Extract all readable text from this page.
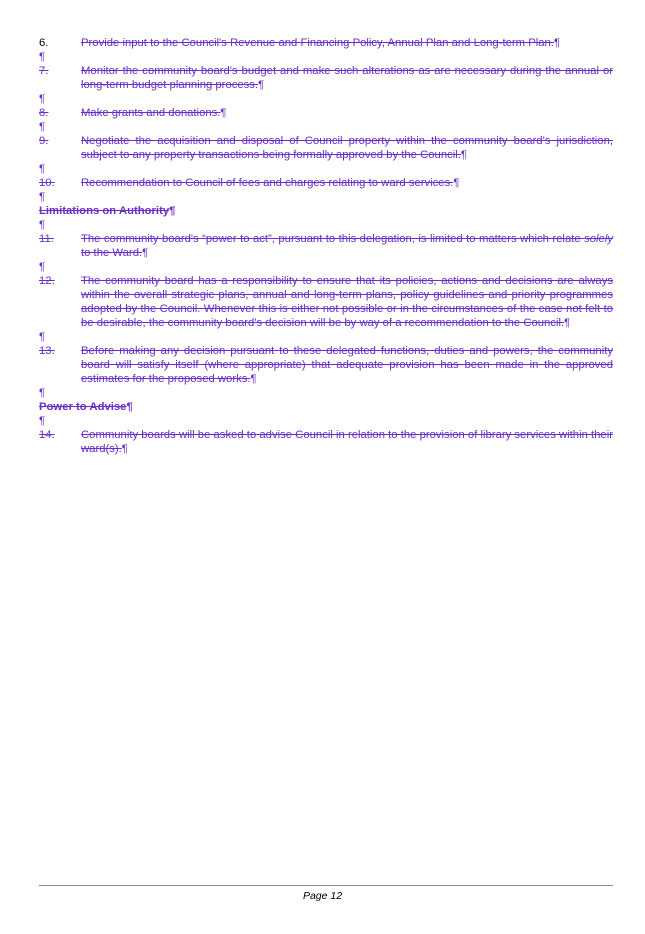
6.	Provide input to the Council's Revenue and Financing Policy, Annual Plan and Long-term Plan.¶
¶
7.	Monitor the community board's budget and make such alterations as are necessary during the annual or long-term budget planning process.¶
¶
8.	Make grants and donations.¶
¶
9.	Negotiate the acquisition and disposal of Council property within the community board's jurisdiction, subject to any property transactions being formally approved by the Council.¶
¶
10.	Recommendation to Council of fees and charges relating to ward services.¶
¶
Limitations on Authority¶
¶
11.	The community board's “power to act”, pursuant to this delegation, is limited to matters which relate solely to the Ward.¶
¶
12.	The community board has a responsibility to ensure that its policies, actions and decisions are always within the overall strategic plans, annual and long-term plans, policy guidelines and priority programmes adopted by the Council. Whenever this is either not possible or in the circumstances of the case not felt to be desirable, the community board's decision will be by way of a recommendation to the Council.¶
¶
13.	Before making any decision pursuant to these delegated functions, duties and powers, the community board will satisfy itself (where appropriate) that adequate provision has been made in the approved estimates for the proposed works.¶
¶
Power to Advise¶
¶
14.	Community boards will be asked to advise Council in relation to the provision of library services within their ward(s).¶
Page 12
